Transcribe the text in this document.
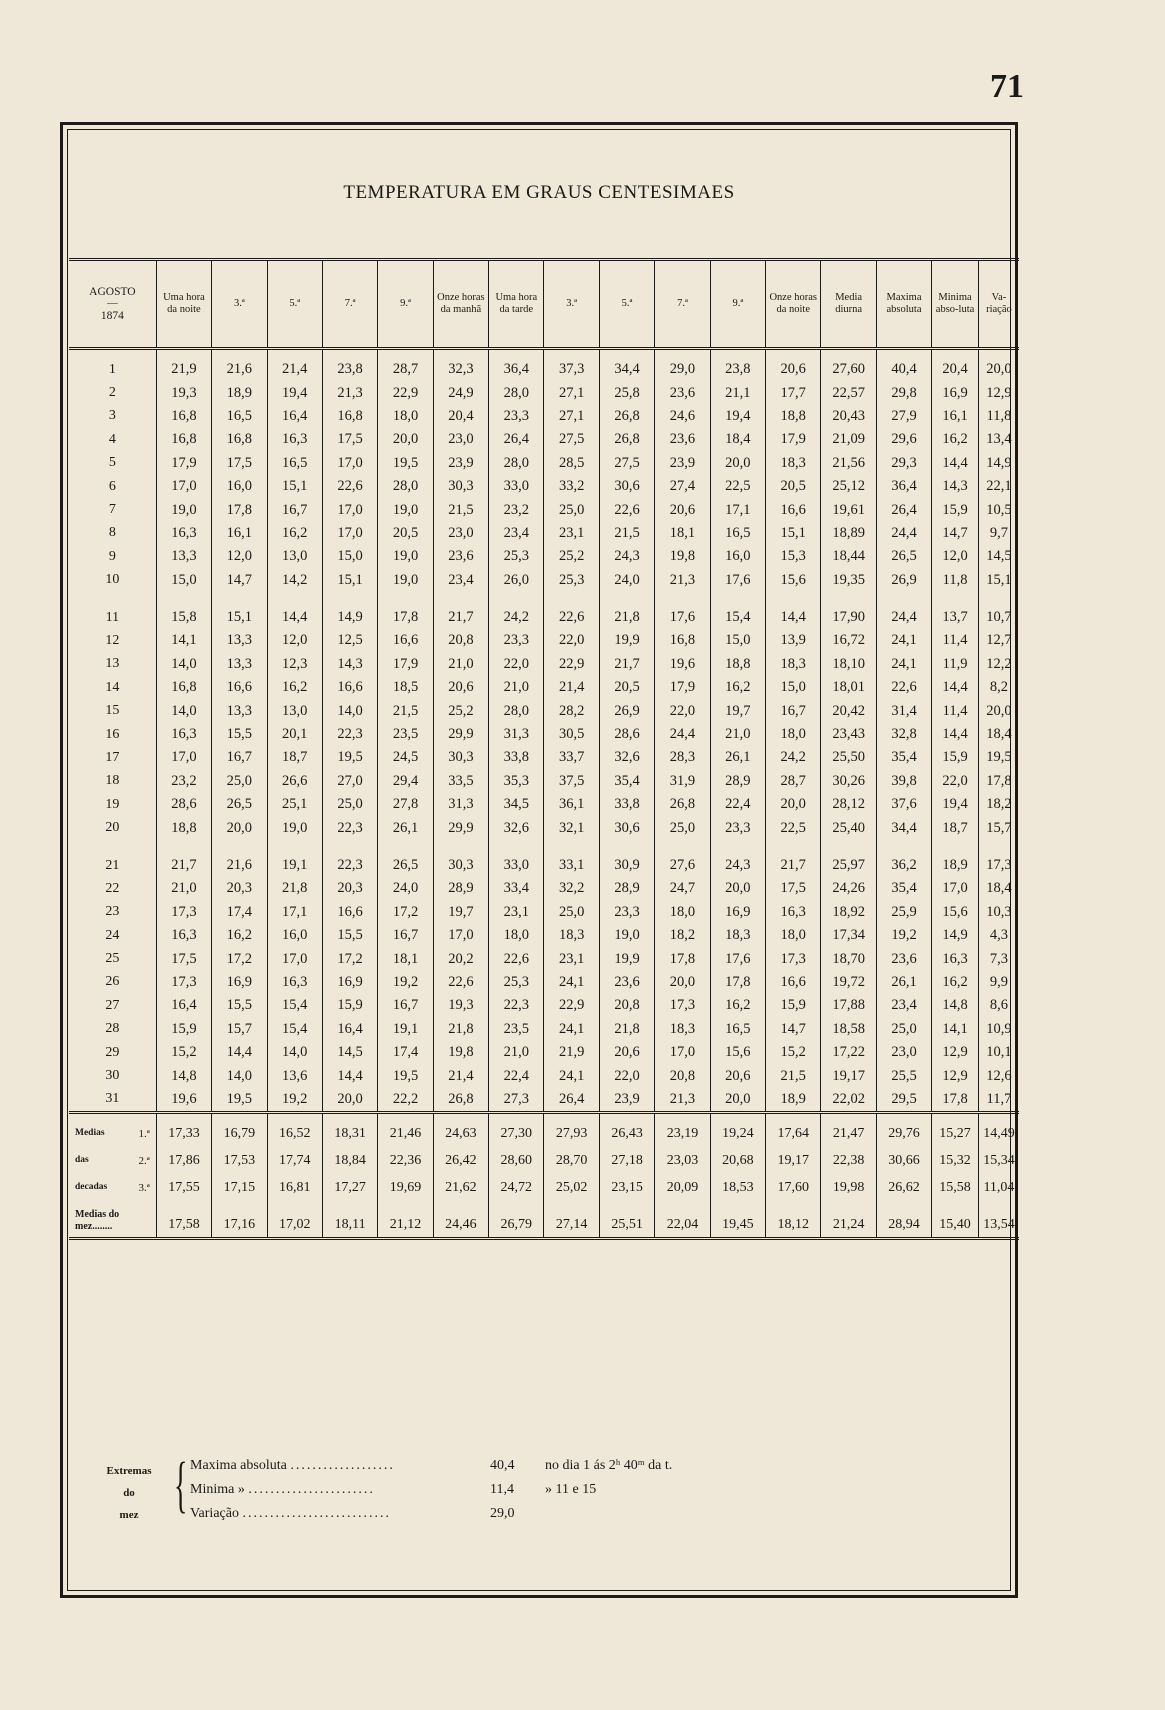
71
TEMPERATURA EM GRAUS CENTESIMAES
AGOSTO
—
1874	Uma hora da noite	3.ª	5.ª	7.ª	9.ª	Onze horas da manhã	Uma hora da tarde	3.ª	5.ª	7.ª	9.ª	Onze horas da noite	Media diurna	Maxima absoluta	Minima abso-luta	Va-riação
1	21,9	21,6	21,4	23,8	28,7	32,3	36,4	37,3	34,4	29,0	23,8	20,6	27,60	40,4	20,4	20,0
2	19,3	18,9	19,4	21,3	22,9	24,9	28,0	27,1	25,8	23,6	21,1	17,7	22,57	29,8	16,9	12,9
3	16,8	16,5	16,4	16,8	18,0	20,4	23,3	27,1	26,8	24,6	19,4	18,8	20,43	27,9	16,1	11,8
4	16,8	16,8	16,3	17,5	20,0	23,0	26,4	27,5	26,8	23,6	18,4	17,9	21,09	29,6	16,2	13,4
5	17,9	17,5	16,5	17,0	19,5	23,9	28,0	28,5	27,5	23,9	20,0	18,3	21,56	29,3	14,4	14,9
6	17,0	16,0	15,1	22,6	28,0	30,3	33,0	33,2	30,6	27,4	22,5	20,5	25,12	36,4	14,3	22,1
7	19,0	17,8	16,7	17,0	19,0	21,5	23,2	25,0	22,6	20,6	17,1	16,6	19,61	26,4	15,9	10,5
8	16,3	16,1	16,2	17,0	20,5	23,0	23,4	23,1	21,5	18,1	16,5	15,1	18,89	24,4	14,7	9,7
9	13,3	12,0	13,0	15,0	19,0	23,6	25,3	25,2	24,3	19,8	16,0	15,3	18,44	26,5	12,0	14,5
10	15,0	14,7	14,2	15,1	19,0	23,4	26,0	25,3	24,0	21,3	17,6	15,6	19,35	26,9	11,8	15,1

11	15,8	15,1	14,4	14,9	17,8	21,7	24,2	22,6	21,8	17,6	15,4	14,4	17,90	24,4	13,7	10,7
12	14,1	13,3	12,0	12,5	16,6	20,8	23,3	22,0	19,9	16,8	15,0	13,9	16,72	24,1	11,4	12,7
13	14,0	13,3	12,3	14,3	17,9	21,0	22,0	22,9	21,7	19,6	18,8	18,3	18,10	24,1	11,9	12,2
14	16,8	16,6	16,2	16,6	18,5	20,6	21,0	21,4	20,5	17,9	16,2	15,0	18,01	22,6	14,4	8,2
15	14,0	13,3	13,0	14,0	21,5	25,2	28,0	28,2	26,9	22,0	19,7	16,7	20,42	31,4	11,4	20,0
16	16,3	15,5	20,1	22,3	23,5	29,9	31,3	30,5	28,6	24,4	21,0	18,0	23,43	32,8	14,4	18,4
17	17,0	16,7	18,7	19,5	24,5	30,3	33,8	33,7	32,6	28,3	26,1	24,2	25,50	35,4	15,9	19,5
18	23,2	25,0	26,6	27,0	29,4	33,5	35,3	37,5	35,4	31,9	28,9	28,7	30,26	39,8	22,0	17,8
19	28,6	26,5	25,1	25,0	27,8	31,3	34,5	36,1	33,8	26,8	22,4	20,0	28,12	37,6	19,4	18,2
20	18,8	20,0	19,0	22,3	26,1	29,9	32,6	32,1	30,6	25,0	23,3	22,5	25,40	34,4	18,7	15,7

21	21,7	21,6	19,1	22,3	26,5	30,3	33,0	33,1	30,9	27,6	24,3	21,7	25,97	36,2	18,9	17,3
22	21,0	20,3	21,8	20,3	24,0	28,9	33,4	32,2	28,9	24,7	20,0	17,5	24,26	35,4	17,0	18,4
23	17,3	17,4	17,1	16,6	17,2	19,7	23,1	25,0	23,3	18,0	16,9	16,3	18,92	25,9	15,6	10,3
24	16,3	16,2	16,0	15,5	16,7	17,0	18,0	18,3	19,0	18,2	18,3	18,0	17,34	19,2	14,9	4,3
25	17,5	17,2	17,0	17,2	18,1	20,2	22,6	23,1	19,9	17,8	17,6	17,3	18,70	23,6	16,3	7,3
26	17,3	16,9	16,3	16,9	19,2	22,6	25,3	24,1	23,6	20,0	17,8	16,6	19,72	26,1	16,2	9,9
27	16,4	15,5	15,4	15,9	16,7	19,3	22,3	22,9	20,8	17,3	16,2	15,9	17,88	23,4	14,8	8,6
28	15,9	15,7	15,4	16,4	19,1	21,8	23,5	24,1	21,8	18,3	16,5	14,7	18,58	25,0	14,1	10,9
29	15,2	14,4	14,0	14,5	17,4	19,8	21,0	21,9	20,6	17,0	15,6	15,2	17,22	23,0	12,9	10,1
30	14,8	14,0	13,6	14,4	19,5	21,4	22,4	24,1	22,0	20,8	20,6	21,5	19,17	25,5	12,9	12,6
31	19,6	19,5	19,2	20,0	22,2	26,8	27,3	26,4	23,9	21,3	20,0	18,9	22,02	29,5	17,8	11,7

Medias 1.ª	17,33	16,79	16,52	18,31	21,46	24,63	27,30	27,93	26,43	23,19	19,24	17,64	21,47	29,76	15,27	14,49
das 2.ª	17,86	17,53	17,74	18,84	22,36	26,42	28,60	28,70	27,18	23,03	20,68	19,17	22,38	30,66	15,32	15,34
decadas 3.ª	17,55	17,15	16,81	17,27	19,69	21,62	24,72	25,02	23,15	20,09	18,53	17,60	19,98	26,62	15,58	11,04

Medias do
mez........	17,58	17,16	17,02	18,11	21,12	24,46	26,79	27,14	25,51	22,04	19,45	18,12	21,24	28,94	15,40	13,54

Extremas
do
mez { Maxima absoluta ...................	40,4 no dia 1 ás 2ʰ 40ᵐ da t.
Minima » .......................	11,4 » 11 e 15
Variação ...........................	29,0
